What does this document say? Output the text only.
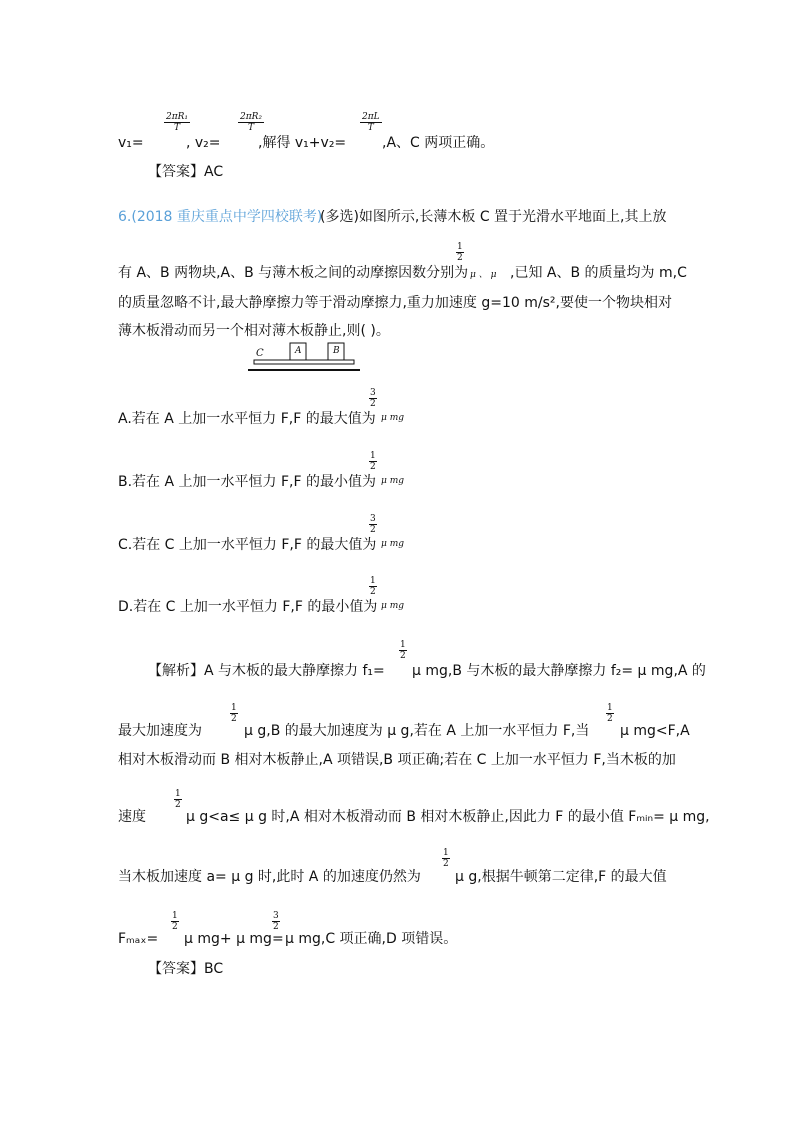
v₁=
$\frac{\text{2πR₁}}{T}$
, v₂=
$\frac{\text{2πR₂}}{T}$
,解得 v₁+v₂=
$\frac{2\pi L}{T}$
,A、C 两项正确。
【答案】AC
6.(2018 重庆重点中学四校联考)
(多选)如图所示,长薄木板 C 置于光滑水平地面上,其上放
有 A、B 两物块,A、B 与薄木板之间的动摩擦因数分别为
1
2
μ 、 μ ,已知 A、B 的质量均为 m,C
的质量忽略不计,最大静摩擦力等于滑动摩擦力,重力加速度 g=10 m/s²,要使一个物块相对
薄木板滑动而另一个相对薄木板静止,则( )。
C	A	B
A.若在 A 上加一水平恒力 F,F 的最大值为
3
2
μ mg
B.若在 A 上加一水平恒力 F,F 的最小值为
1
2
μ mg
C.若在 C 上加一水平恒力 F,F 的最大值为
3
2
μ mg
D.若在 C 上加一水平恒力 F,F 的最小值为
1
2
μ mg
【解析】A 与木板的最大静摩擦力 f₁=
1
2
μ mg,B 与木板的最大静摩擦力 f₂= μ mg,A 的
最大加速度为
1
2
μ g,B 的最大加速度为 μ g,若在 A 上加一水平恒力 F,当
1
2
μ mg<F,A
相对木板滑动而 B 相对木板静止,A 项错误,B 项正确;若在 C 上加一水平恒力 F,当木板的加
速度
1
2
μ g<a≤ μ g 时,A 相对木板滑动而 B 相对木板静止,因此力 F 的最小值 Fₘᵢₙ= μ mg,
当木板加速度 a= μ g 时,此时 A 的加速度仍然为
1
2
μ g,根据牛顿第二定律,F 的最大值
Fₘₐₓ=
1
2
μ mg+ μ mg=
3
2
μ mg,C 项正确,D 项错误。
【答案】BC
